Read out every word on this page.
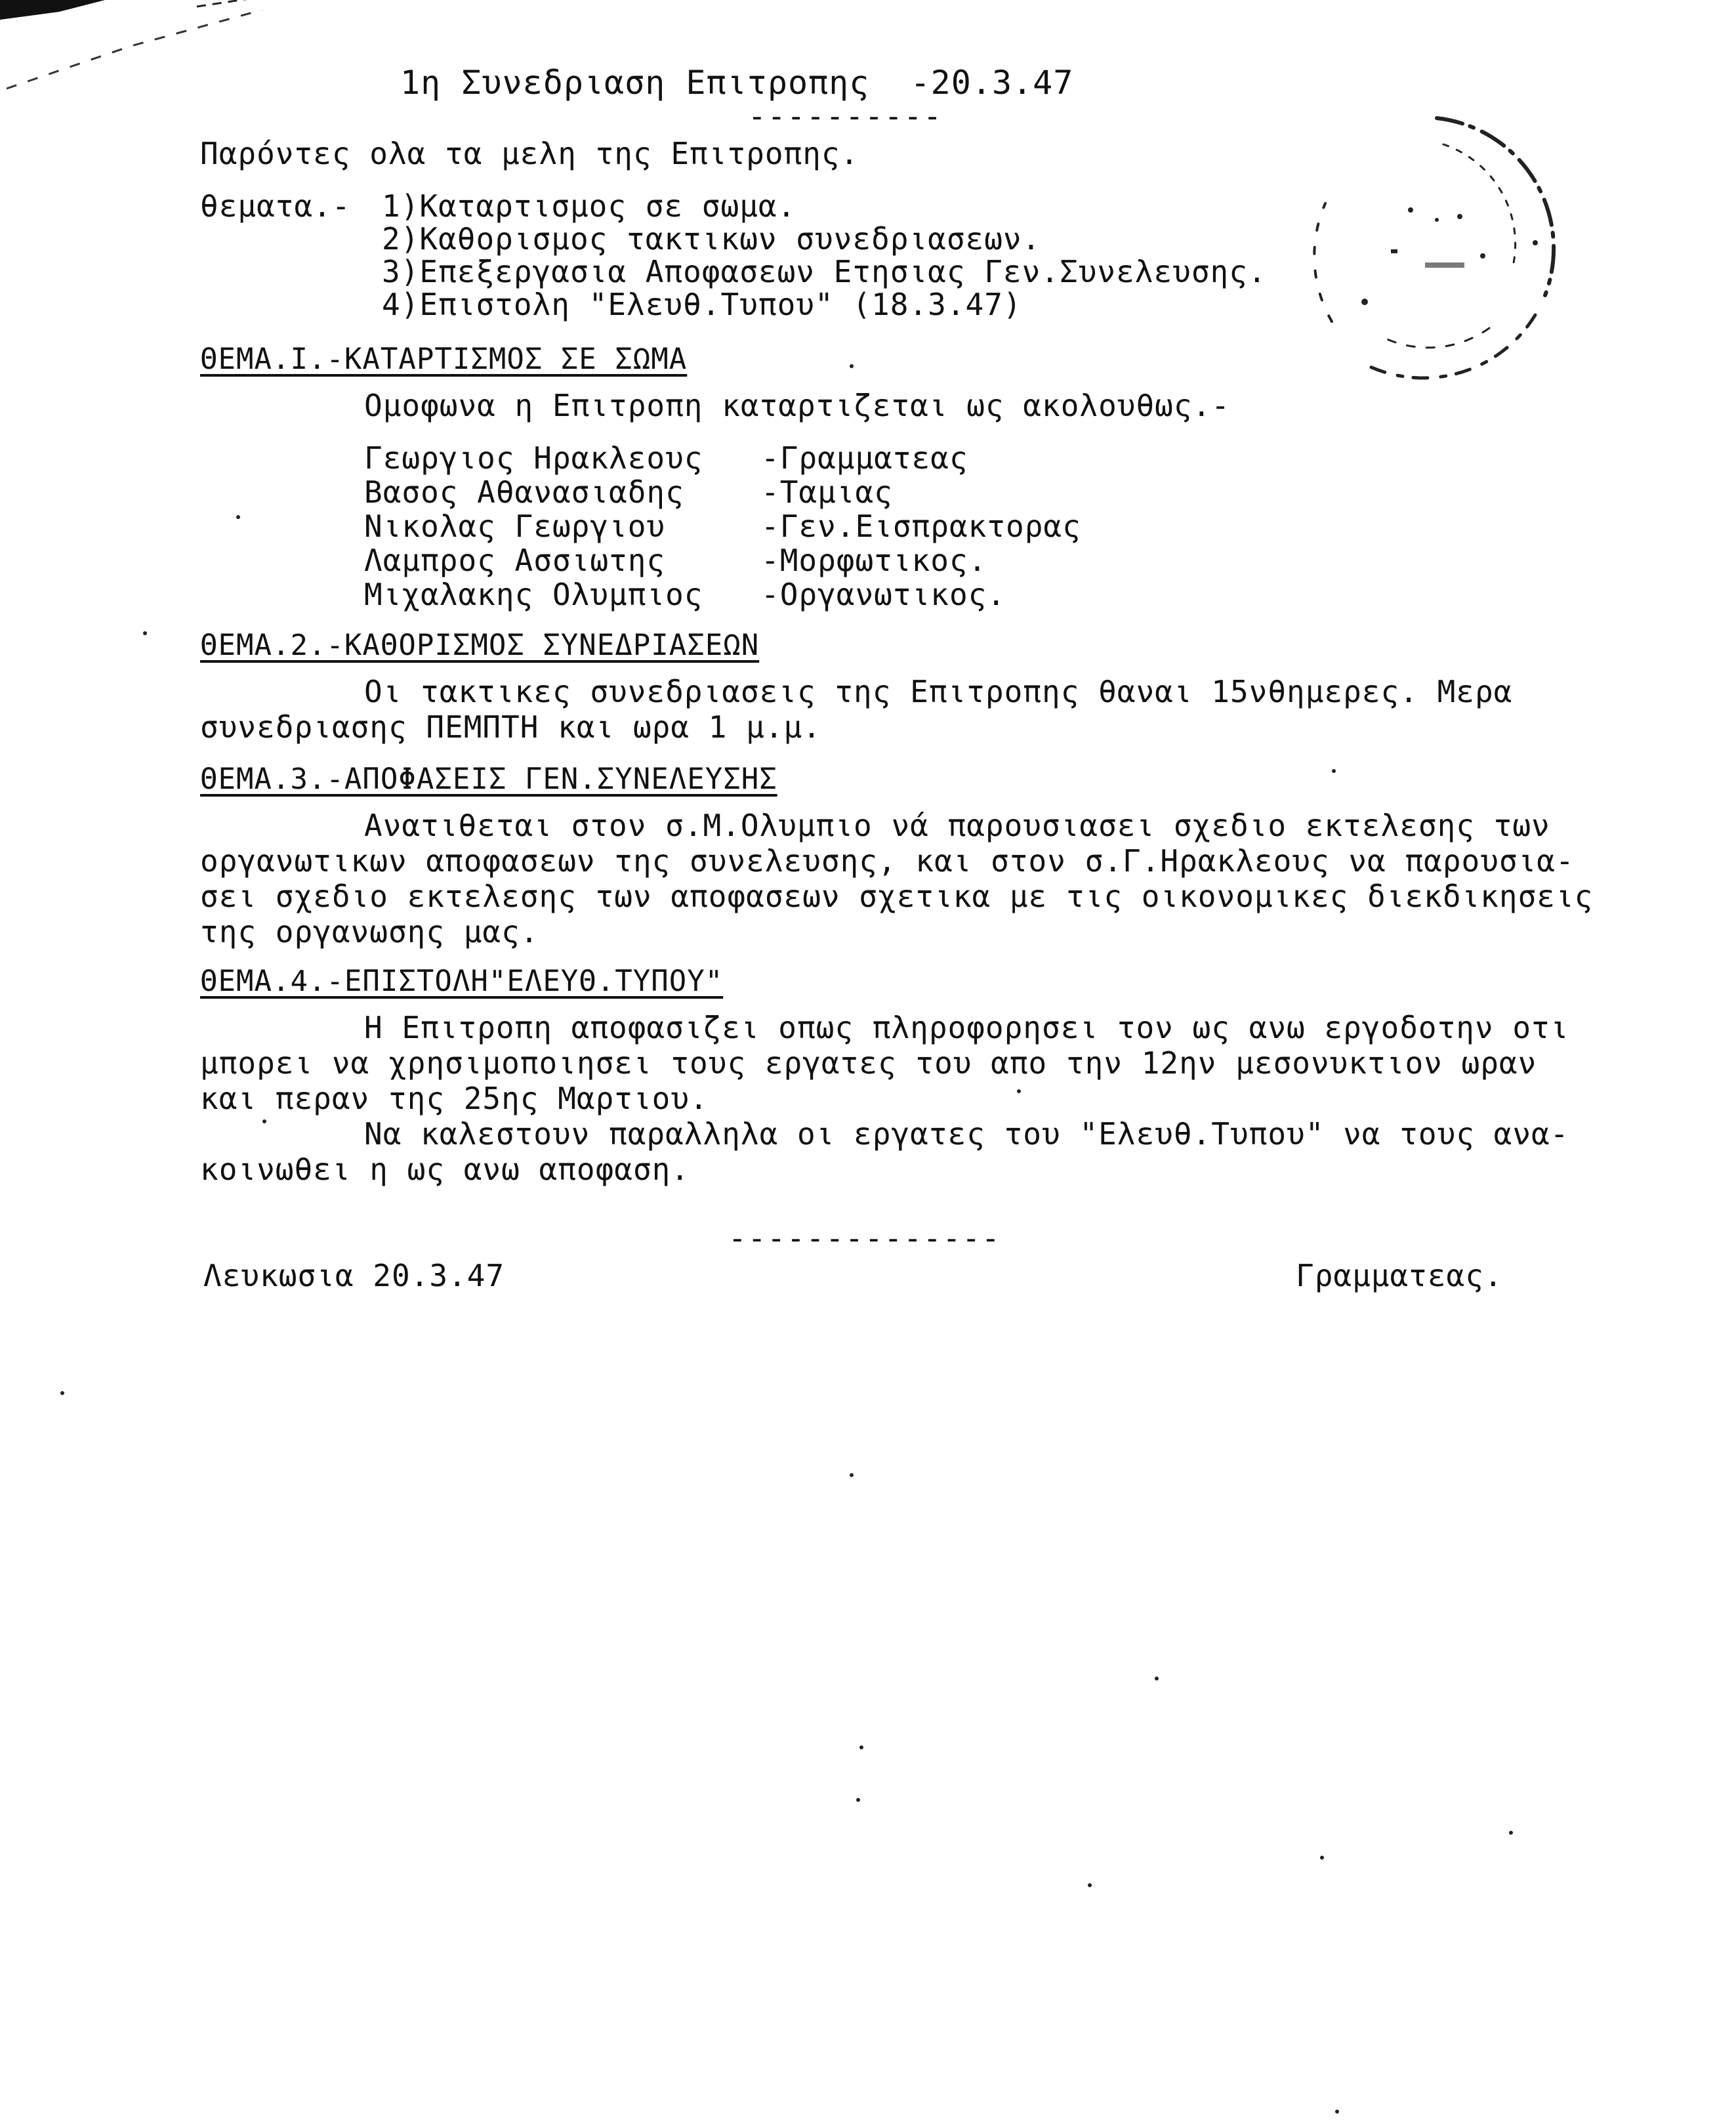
1η Συνεδριαση Επιτροπης  -20.3.47
----------
Παρόντες ολα τα μελη της Επιτροπης.
θεματα.- 1)Καταρτισμος σε σωμα.
2)Καθορισμος τακτικων συνεδριασεων.
3)Επεξεργασια Αποφασεων Ετησιας Γεν.Συνελευσης.
4)Επιστολη "Ελευθ.Τυπου" (18.3.47)
ΘΕΜΑ.Ι.-ΚΑΤΑΡΤΙΣΜΟΣ ΣΕ ΣΩΜΑ
Ομοφωνα η Επιτροπη καταρτιζεται ως ακολουθως.-
Γεωργιος Ηρακλεους -Γραμματεας
Βασος Αθανασιαδης	-Ταμιας
Νικολας Γεωργιου	-Γεν.Εισπρακτορας
Λαμπρος Ασσιωτης	-Μορφωτικος.
Μιχαλακης Ολυμπιος -Οργανωτικος.
ΘΕΜΑ.2.-ΚΑΘΟΡΙΣΜΟΣ ΣΥΝΕΔΡΙΑΣΕΩΝ
Οι τακτικες συνεδριασεις της Επιτροπης θαναι 15νθημερες. Μερα
συνεδριασης ΠΕΜΠΤΗ και ωρα 1 μ.μ.
ΘΕΜΑ.3.-ΑΠΟΦΑΣΕΙΣ ΓΕΝ.ΣΥΝΕΛΕΥΣΗΣ
Ανατιθεται στον σ.Μ.Ολυμπιο νά παρουσιασει σχεδιο εκτελεσης των
οργανωτικων αποφασεων της συνελευσης, και στον σ.Γ.Ηρακλεους να παρουσια-
σει σχεδιο εκτελεσης των αποφασεων σχετικα με τις οικονομικες διεκδικησεις
της οργανωσης μας.
ΘΕΜΑ.4.-ΕΠΙΣΤΟΛΗ"ΕΛΕΥΘ.ΤΥΠΟΥ"
Η Επιτροπη αποφασιζει οπως πληροφορησει τον ως ανω εργοδοτην οτι
μπορει να χρησιμοποιησει τους εργατες του απο την 12ην μεσονυκτιον ωραν
και περαν της 25ης Μαρτιου.
Να καλεστουν παραλληλα οι εργατες του "Ελευθ.Τυπου" να τους ανα-
κοινωθει η ως ανω αποφαση.
--------------
Λευκωσια 20.3.47	Γραμματεας.
